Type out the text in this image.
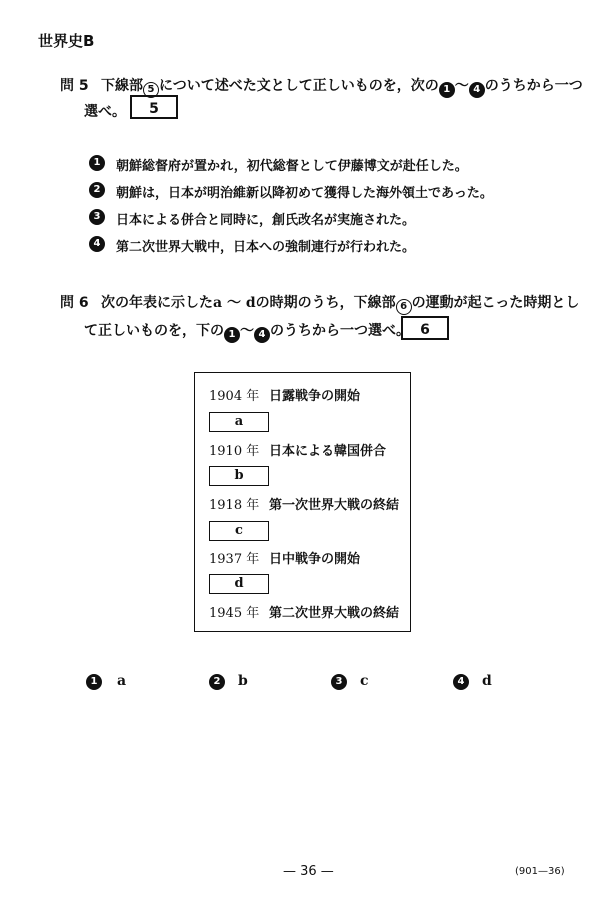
世界史B
問 5 下線部 5 について述べた文として正しいものを，次の 1 ～ 4 のうちから一つ
選べ。	5
1	朝鮮総督府が置かれ，初代総督として伊藤博文が赴任した。
2	朝鮮は，日本が明治維新以降初めて獲得した海外領土であった。
3	日本による併合と同時に，創氏改名が実施された。
4	第二次世界大戦中，日本への強制連行が行われた。
問 6 次の年表に示したa ～ dの時期のうち，下線部 6 の運動が起こった時期とし
て正しいものを，下の 1 ～ 4 のうちから一つ選べ。 6
1904 年 日露戦争の開始
a
1910 年 日本による韓国併合
b
1918 年 第一次世界大戦の終結
c
1937 年 日中戦争の開始
d
1945 年 第二次世界大戦の終結
1	a	2	b	3	c	4	d
— 36 —	(901—36)
